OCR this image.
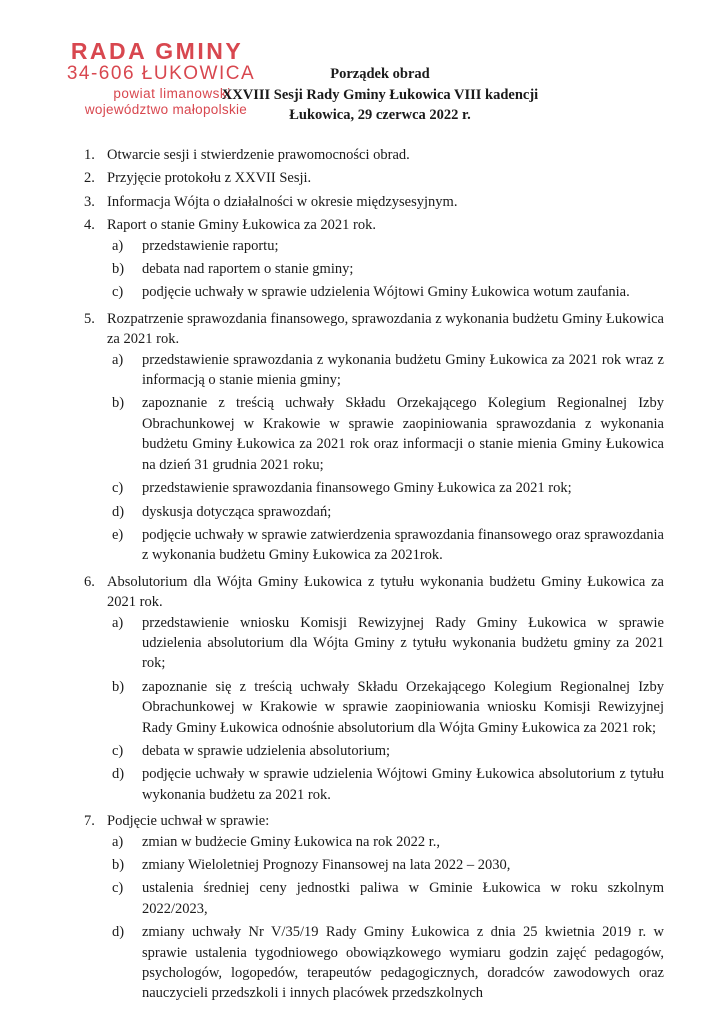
RADA GMINY
34-606 ŁUKOWICA
powiat limanowski
województwo małopolskie
Porządek obrad
XXVIII Sesji Rady Gminy Łukowica VIII kadencji
Łukowica, 29 czerwca 2022 r.
1. Otwarcie sesji i stwierdzenie prawomocności obrad.
2. Przyjęcie protokołu z XXVII Sesji.
3. Informacja Wójta o działalności w okresie międzysesyjnym.
4. Raport o stanie Gminy Łukowica za 2021 rok.
a) przedstawienie raportu;
b) debata nad raportem o stanie gminy;
c) podjęcie uchwały w sprawie udzielenia Wójtowi Gminy Łukowica wotum zaufania.
5. Rozpatrzenie sprawozdania finansowego, sprawozdania z wykonania budżetu Gminy Łukowica za 2021 rok.
a) przedstawienie sprawozdania z wykonania budżetu Gminy Łukowica za 2021 rok wraz z informacją o stanie mienia gminy;
b) zapoznanie z treścią uchwały Składu Orzekającego Kolegium Regionalnej Izby Obrachunkowej w Krakowie w sprawie zaopiniowania sprawozdania z wykonania budżetu Gminy Łukowica za 2021 rok oraz informacji o stanie mienia Gminy Łukowica na dzień 31 grudnia 2021 roku;
c) przedstawienie sprawozdania finansowego Gminy Łukowica za 2021 rok;
d) dyskusja dotycząca sprawozdań;
e) podjęcie uchwały w sprawie zatwierdzenia sprawozdania finansowego oraz sprawozdania z wykonania budżetu Gminy Łukowica za 2021rok.
6. Absolutorium dla Wójta Gminy Łukowica z tytułu wykonania budżetu Gminy Łukowica za 2021 rok.
a) przedstawienie wniosku Komisji Rewizyjnej Rady Gminy Łukowica w sprawie udzielenia absolutorium dla Wójta Gminy z tytułu wykonania budżetu gminy za 2021 rok;
b) zapoznanie się z treścią uchwały Składu Orzekającego Kolegium Regionalnej Izby Obrachunkowej w Krakowie w sprawie zaopiniowania wniosku Komisji Rewizyjnej Rady Gminy Łukowica odnośnie absolutorium dla Wójta Gminy Łukowica za 2021 rok;
c) debata w sprawie udzielenia absolutorium;
d) podjęcie uchwały w sprawie udzielenia Wójtowi Gminy Łukowica absolutorium z tytułu wykonania budżetu za 2021 rok.
7. Podjęcie uchwał w sprawie:
a) zmian w budżecie Gminy Łukowica na rok 2022 r.,
b) zmiany Wieloletniej Prognozy Finansowej na lata 2022 – 2030,
c) ustalenia średniej ceny jednostki paliwa w Gminie Łukowica w roku szkolnym 2022/2023,
d) zmiany uchwały Nr V/35/19 Rady Gminy Łukowica z dnia 25 kwietnia 2019 r. w sprawie ustalenia tygodniowego obowiązkowego wymiaru godzin zajęć pedagogów, psychologów, logopedów, terapeutów pedagogicznych, doradców zawodowych oraz nauczycieli przedszkoli i innych placówek przedszkolnych
